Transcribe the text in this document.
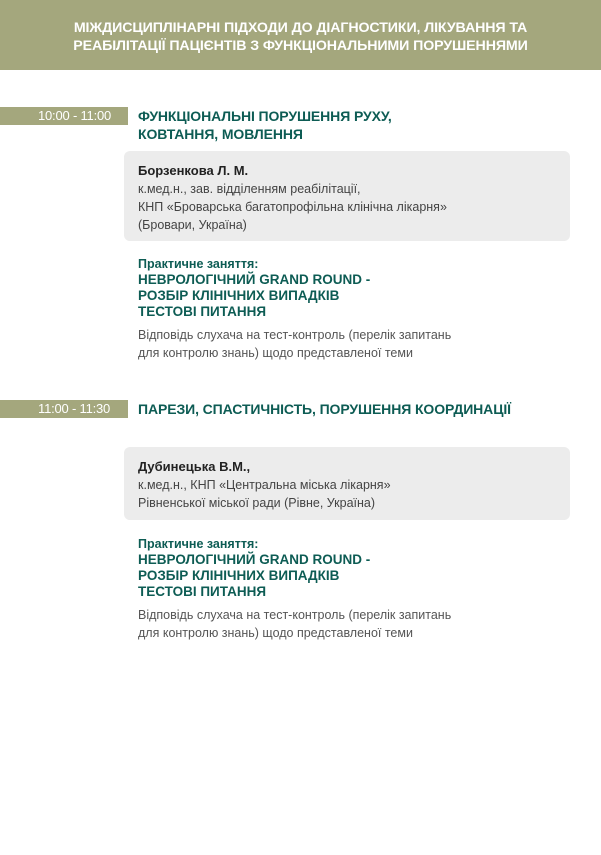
МІЖДИСЦИПЛІНАРНІ ПІДХОДИ ДО ДІАГНОСТИКИ, ЛІКУВАННЯ ТА
РЕАБІЛІТАЦІЇ ПАЦІЄНТІВ З ФУНКЦІОНАЛЬНИМИ ПОРУШЕННЯМИ
10:00 - 11:00	ФУНКЦІОНАЛЬНІ ПОРУШЕННЯ РУХУ,
КОВТАННЯ, МОВЛЕННЯ
Борзенкова Л. М.
к.мед.н., зав. відділенням реабілітації,
КНП «Броварська багатопрофільна клінічна лікарня»
(Бровари, Україна)
Практичне заняття:
НЕВРОЛОГІЧНИЙ GRAND ROUND -
РОЗБІР КЛІНІЧНИХ ВИПАДКІВ
ТЕСТОВІ ПИТАННЯ
Відповідь слухача на тест-контроль (перелік запитань
для контролю знань) щодо представленої теми
11:00 - 11:30	ПАРЕЗИ, СПАСТИЧНІСТЬ, ПОРУШЕННЯ КООРДИНАЦІЇ
Дубинецька В.М.,
к.мед.н., КНП «Центральна міська лікарня»
Рівненської міської ради (Рівне, Україна)
Практичне заняття:
НЕВРОЛОГІЧНИЙ GRAND ROUND -
РОЗБІР КЛІНІЧНИХ ВИПАДКІВ
ТЕСТОВІ ПИТАННЯ
Відповідь слухача на тест-контроль (перелік запитань
для контролю знань) щодо представленої теми
